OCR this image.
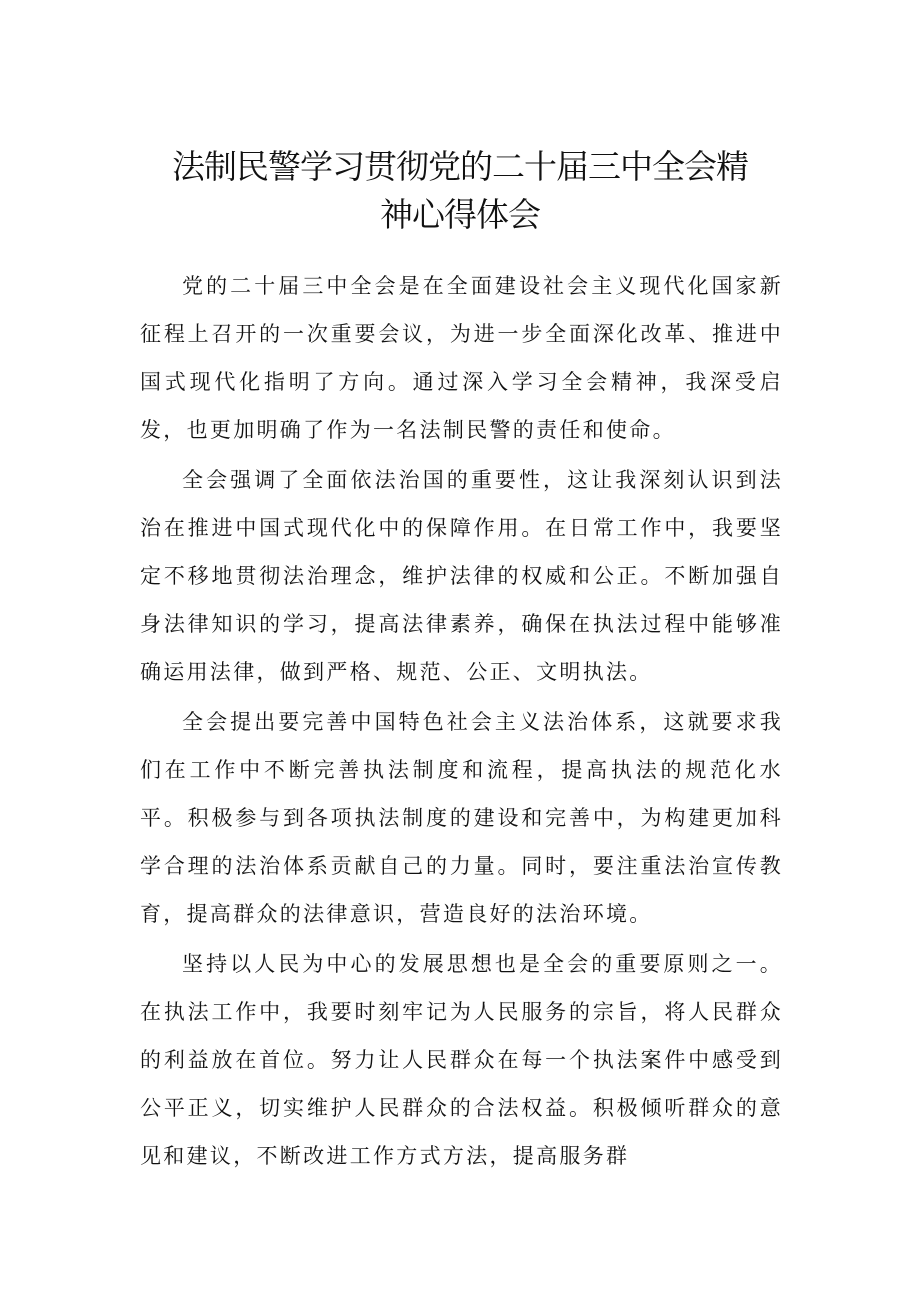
法制民警学习贯彻党的二十届三中全会精
神心得体会

党的二十届三中全会是在全面建设社会主义现代化国家新征程上召开的一次重要会议，为进一步全面深化改革、推进中国式现代化指明了方向。通过深入学习全会精神，我深受启发，也更加明确了作为一名法制民警的责任和使命。

全会强调了全面依法治国的重要性，这让我深刻认识到法治在推进中国式现代化中的保障作用。在日常工作中，我要坚定不移地贯彻法治理念，维护法律的权威和公正。不断加强自身法律知识的学习，提高法律素养，确保在执法过程中能够准确运用法律，做到严格、规范、公正、文明执法。

全会提出要完善中国特色社会主义法治体系，这就要求我们在工作中不断完善执法制度和流程，提高执法的规范化水平。积极参与到各项执法制度的建设和完善中，为构建更加科学合理的法治体系贡献自己的力量。同时，要注重法治宣传教育，提高群众的法律意识，营造良好的法治环境。

坚持以人民为中心的发展思想也是全会的重要原则之一。在执法工作中，我要时刻牢记为人民服务的宗旨，将人民群众的利益放在首位。努力让人民群众在每一个执法案件中感受到公平正义，切实维护人民群众的合法权益。积极倾听群众的意见和建议，不断改进工作方式方法，提高服务群
